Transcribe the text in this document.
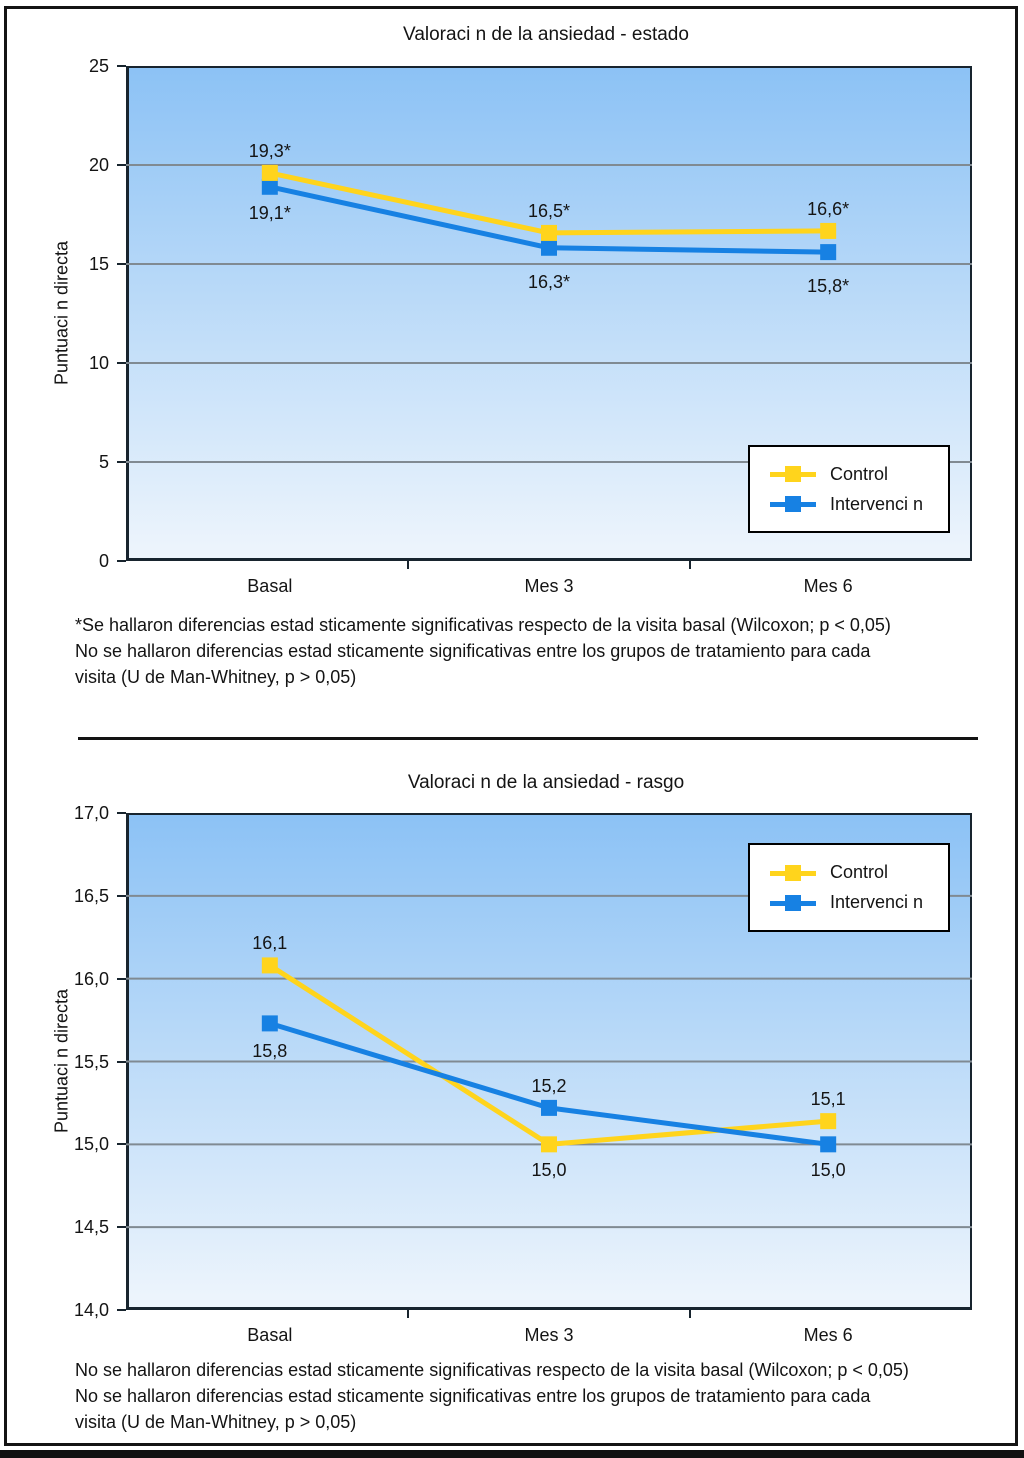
Valoraci n de la ansiedad - estado
Puntuaci n directa
Control
Intervenci n
Valoraci n de la ansiedad - rasgo
Puntuaci n directa
Control
Intervenci n
25
20
15
10
5
0
Basal	Mes 3	Mes 6
19,3*
16,5*	16,6*
19,1*
16,3*	15,8*
*Se hallaron diferencias estad sticamente significativas respecto de la visita basal (Wilcoxon; p < 0,05)
No se hallaron diferencias estad sticamente significativas entre los grupos de tratamiento para cada
visita (U de Man-Whitney, p > 0,05)
17,0
16,5
16,0
15,5
15,0
14,5
14,0
Basal	Mes 3	Mes 6
16,1
15,0
15,1
15,8
15,2
15,0
No se hallaron diferencias estad sticamente significativas respecto de la visita basal (Wilcoxon; p < 0,05)
No se hallaron diferencias estad sticamente significativas entre los grupos de tratamiento para cada
visita (U de Man-Whitney, p > 0,05)
